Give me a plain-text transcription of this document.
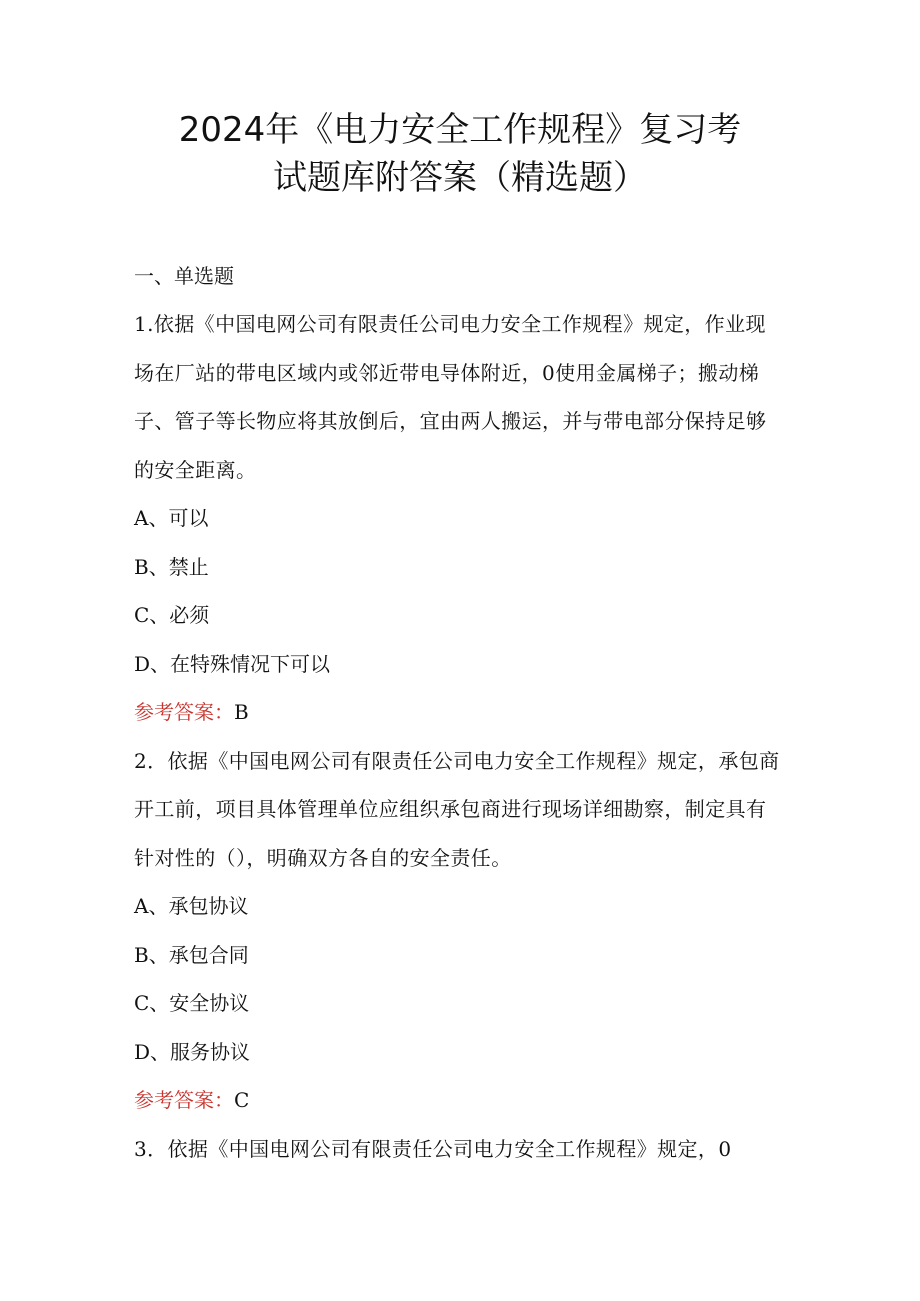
2024年《电力安全工作规程》复习考
试题库附答案（精选题）

一、单选题

1.依据《中国电网公司有限责任公司电力安全工作规程》规定，作业现场在厂站的带电区域内或邻近带电导体附近，0使用金属梯子；搬动梯子、管子等长物应将其放倒后，宜由两人搬运，并与带电部分保持足够的安全距离。

A、可以

B、禁止

C、必须

D、在特殊情况下可以

参考答案：B

2．依据《中国电网公司有限责任公司电力安全工作规程》规定，承包商开工前，项目具体管理单位应组织承包商进行现场详细勘察，制定具有针对性的（），明确双方各自的安全责任。

A、承包协议

B、承包合同

C、安全协议

D、服务协议

参考答案：C

3．依据《中国电网公司有限责任公司电力安全工作规程》规定，0
